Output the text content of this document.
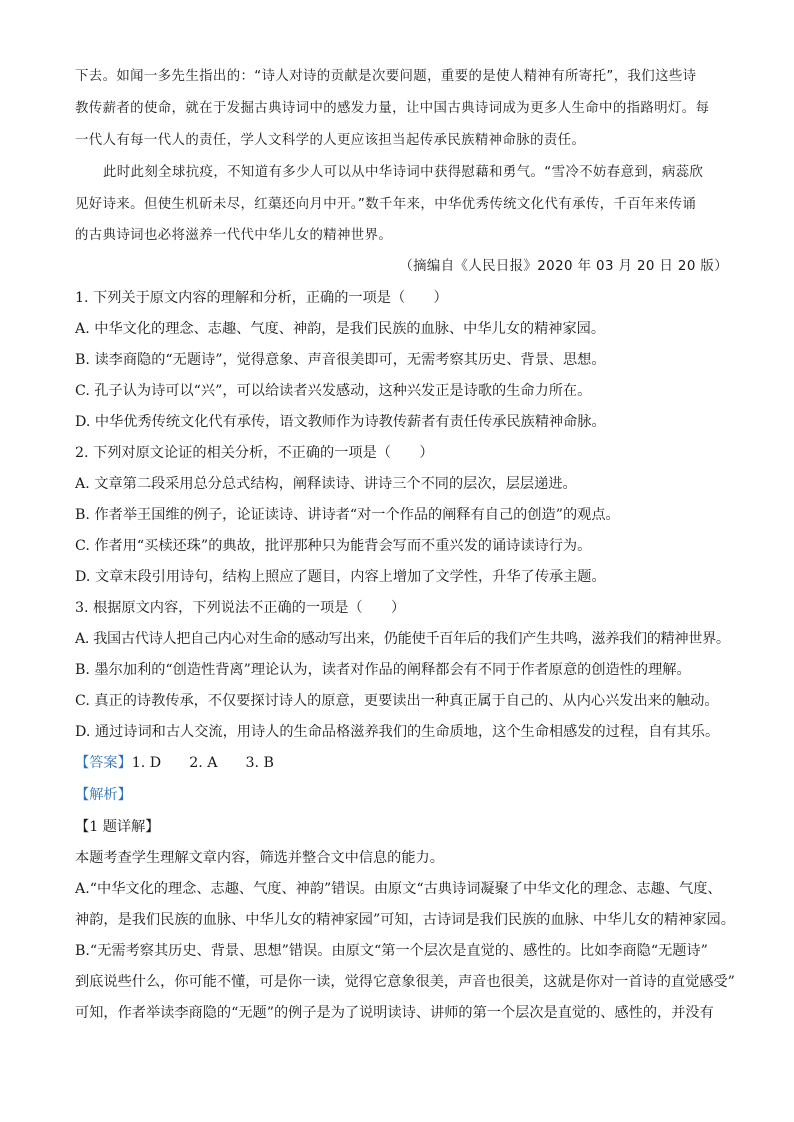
下去。如闻一多先生指出的：“诗人对诗的贡献是次要问题，重要的是使人精神有所寄托”，我们这些诗
教传薪者的使命，就在于发掘古典诗词中的感发力量，让中国古典诗词成为更多人生命中的指路明灯。每
一代人有每一代人的责任，学人文科学的人更应该担当起传承民族精神命脉的责任。
此时此刻全球抗疫，不知道有多少人可以从中华诗词中获得慰藉和勇气。“雪冷不妨春意到，病蕊欣
见好诗来。但使生机斫未尽，红蕖还向月中开。”数千年来，中华优秀传统文化代有承传，千百年来传诵
的古典诗词也必将滋养一代代中华儿女的精神世界。
（摘编自《人民日报》2020 年 03 月 20 日 20 版）
1. 下列关于原文内容的理解和分析，正确的一项是（　　）
A. 中华文化的理念、志趣、气度、神韵，是我们民族的血脉、中华儿女的精神家园。
B. 读李商隐的“无题诗”，觉得意象、声音很美即可，无需考察其历史、背景、思想。
C. 孔子认为诗可以“兴”，可以给读者兴发感动，这种兴发正是诗歌的生命力所在。
D. 中华优秀传统文化代有承传，语文教师作为诗教传薪者有责任传承民族精神命脉。
2. 下列对原文论证的相关分析，不正确的一项是（　　）
A. 文章第二段采用总分总式结构，阐释读诗、讲诗三个不同的层次，层层递进。
B. 作者举王国维的例子，论证读诗、讲诗者“对一个作品的阐释有自己的创造”的观点。
C. 作者用“买椟还珠”的典故，批评那种只为能背会写而不重兴发的诵诗读诗行为。
D. 文章末段引用诗句，结构上照应了题目，内容上增加了文学性，升华了传承主题。
3. 根据原文内容，下列说法不正确的一项是（　　）
A. 我国古代诗人把自己内心对生命的感动写出来，仍能使千百年后的我们产生共鸣，滋养我们的精神世界。
B. 墨尔加利的“创造性背离”理论认为，读者对作品的阐释都会有不同于作者原意的创造性的理解。
C. 真正的诗教传承，不仅要探讨诗人的原意，更要读出一种真正属于自己的、从内心兴发出来的触动。
D. 通过诗词和古人交流，用诗人的生命品格滋养我们的生命质地，这个生命相感发的过程，自有其乐。
【答案】1. D 2. A 3. B
【解析】
【1 题详解】
本题考查学生理解文章内容，筛选并整合文中信息的能力。
A.“中华文化的理念、志趣、气度、神韵”错误。由原文“古典诗词凝聚了中华文化的理念、志趣、气度、
神韵，是我们民族的血脉、中华儿女的精神家园”可知，古诗词是我们民族的血脉、中华儿女的精神家园。
B.“无需考察其历史、背景、思想”错误。由原文“第一个层次是直觉的、感性的。比如李商隐“无题诗”
到底说些什么，你可能不懂，可是你一读，觉得它意象很美，声音也很美，这就是你对一首诗的直觉感受”
可知，作者举读李商隐的“无题”的例子是为了说明读诗、讲师的第一个层次是直觉的、感性的，并没有
